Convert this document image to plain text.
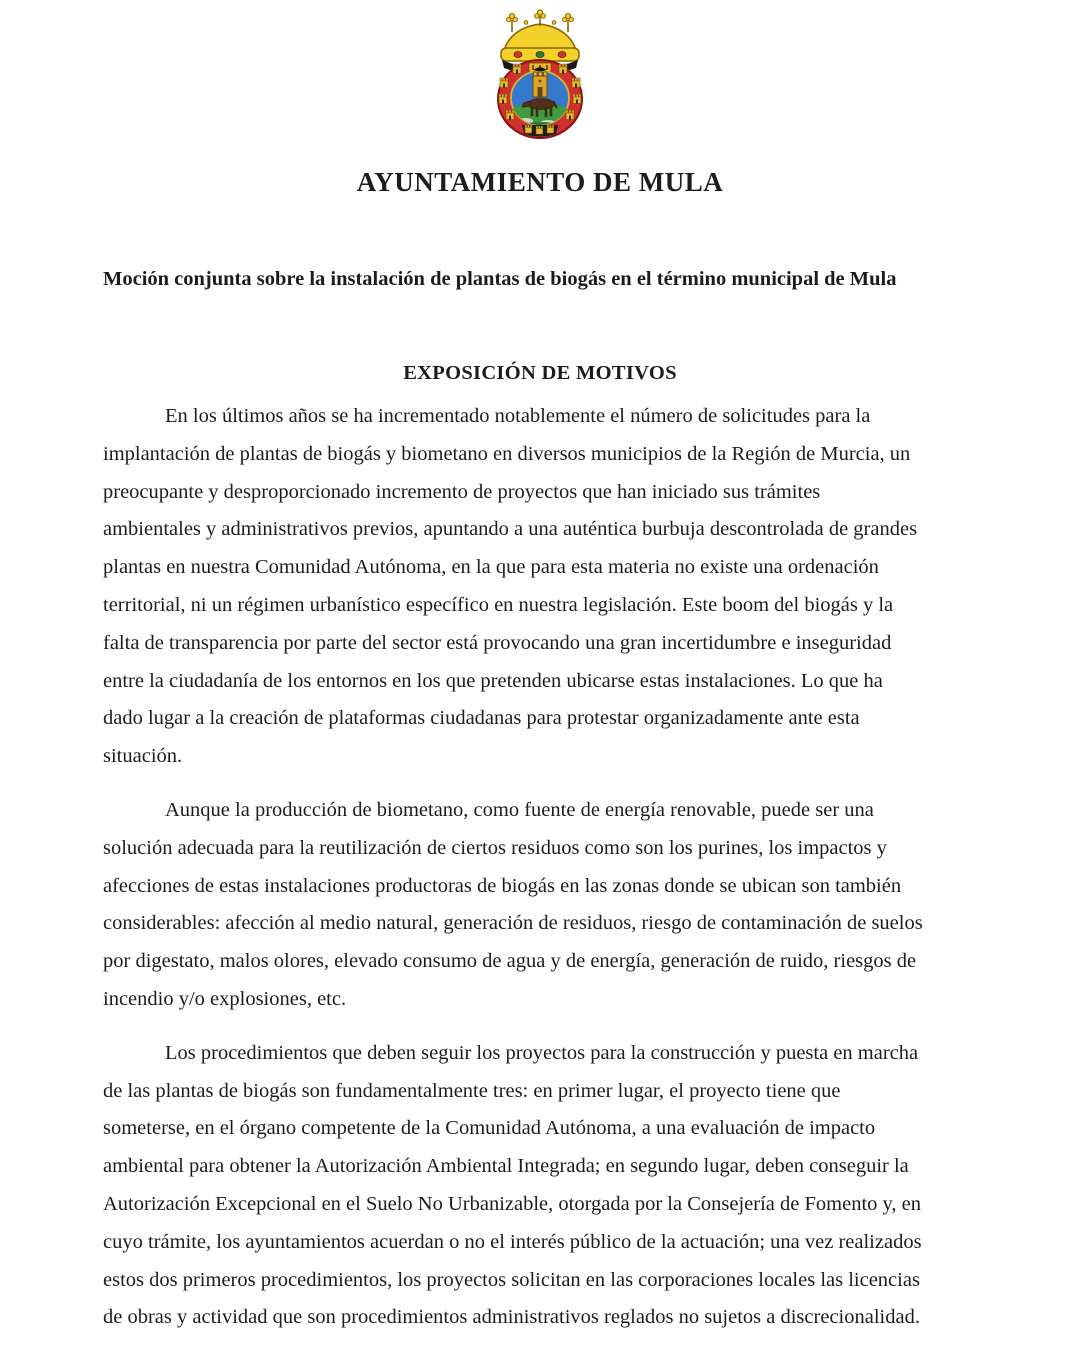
AYUNTAMIENTO DE MULA
Moción conjunta sobre la instalación de plantas de biogás en el término municipal de Mula
EXPOSICIÓN DE MOTIVOS
En los últimos años se ha incrementado notablemente el número de solicitudes para la
implantación de plantas de biogás y biometano en diversos municipios de la Región de Murcia, un
preocupante y desproporcionado incremento de proyectos que han iniciado sus trámites
ambientales y administrativos previos, apuntando a una auténtica burbuja descontrolada de grandes
plantas en nuestra Comunidad Autónoma, en la que para esta materia no existe una ordenación
territorial, ni un régimen urbanístico específico en nuestra legislación. Este boom del biogás y la
falta de transparencia por parte del sector está provocando una gran incertidumbre e inseguridad
entre la ciudadanía de los entornos en los que pretenden ubicarse estas instalaciones. Lo que ha
dado lugar a la creación de plataformas ciudadanas para protestar organizadamente ante esta
situación.
Aunque la producción de biometano, como fuente de energía renovable, puede ser una
solución adecuada para la reutilización de ciertos residuos como son los purines, los impactos y
afecciones de estas instalaciones productoras de biogás en las zonas donde se ubican son también
considerables: afección al medio natural, generación de residuos, riesgo de contaminación de suelos
por digestato, malos olores, elevado consumo de agua y de energía, generación de ruido, riesgos de
incendio y/o explosiones, etc.
Los procedimientos que deben seguir los proyectos para la construcción y puesta en marcha
de las plantas de biogás son fundamentalmente tres: en primer lugar, el proyecto tiene que
someterse, en el órgano competente de la Comunidad Autónoma, a una evaluación de impacto
ambiental para obtener la Autorización Ambiental Integrada; en segundo lugar, deben conseguir la
Autorización Excepcional en el Suelo No Urbanizable, otorgada por la Consejería de Fomento y, en
cuyo trámite, los ayuntamientos acuerdan o no el interés público de la actuación; una vez realizados
estos dos primeros procedimientos, los proyectos solicitan en las corporaciones locales las licencias
de obras y actividad que son procedimientos administrativos reglados no sujetos a discrecionalidad.
